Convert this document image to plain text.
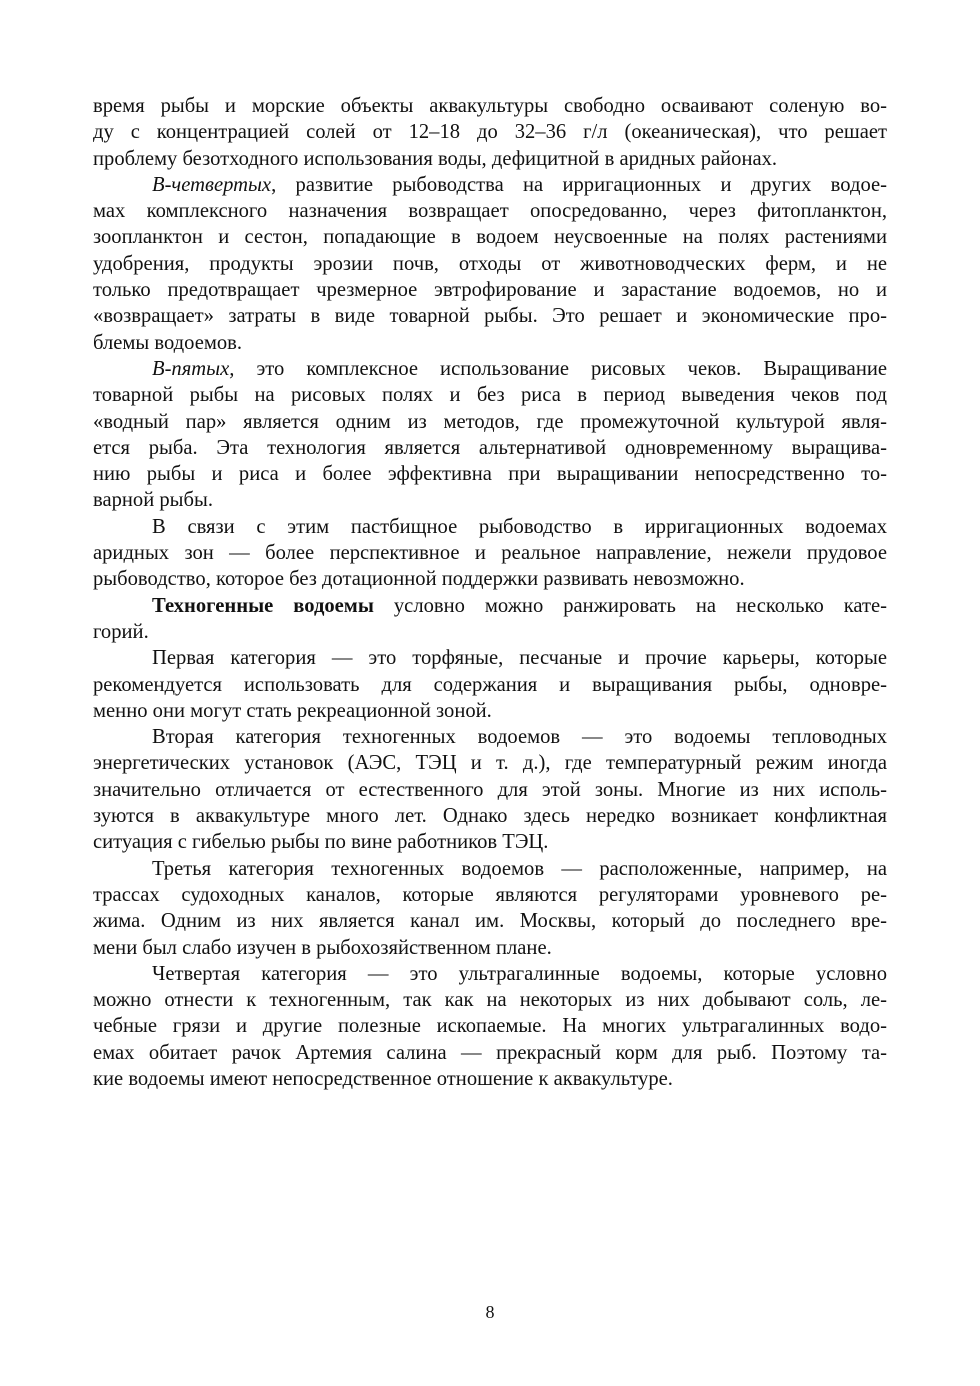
время рыбы и морские объекты аквакультуры свободно осваивают соленую во-
ду с концентрацией солей от 12–18 до 32–36 г/л (океаническая), что решает
проблему безотходного использования воды, дефицитной в аридных районах.
В-четвертых, развитие рыбоводства на ирригационных и других водое-
мах комплексного назначения возвращает опосредованно, через фитопланктон,
зоопланктон и сестон, попадающие в водоем неусвоенные на полях растениями
удобрения, продукты эрозии почв, отходы от животноводческих ферм, и не
только предотвращает чрезмерное эвтрофирование и зарастание водоемов, но и
«возвращает» затраты в виде товарной рыбы. Это решает и экономические про-
блемы водоемов.
В-пятых, это комплексное использование рисовых чеков. Выращивание
товарной рыбы на рисовых полях и без риса в период выведения чеков под
«водный пар» является одним из методов, где промежуточной культурой явля-
ется рыба. Эта технология является альтернативой одновременному выращива-
нию рыбы и риса и более эффективна при выращивании непосредственно то-
варной рыбы.
В связи с этим пастбищное рыбоводство в ирригационных водоемах
аридных зон — более перспективное и реальное направление, нежели прудовое
рыбоводство, которое без дотационной поддержки развивать невозможно.
Техногенные водоемы условно можно ранжировать на несколько кате-
горий.
Первая категория — это торфяные, песчаные и прочие карьеры, которые
рекомендуется использовать для содержания и выращивания рыбы, одновре-
менно они могут стать рекреационной зоной.
Вторая категория техногенных водоемов — это водоемы тепловодных
энергетических установок (АЭС, ТЭЦ и т. д.), где температурный режим иногда
значительно отличается от естественного для этой зоны. Многие из них исполь-
зуются в аквакультуре много лет. Однако здесь нередко возникает конфликтная
ситуация с гибелью рыбы по вине работников ТЭЦ.
Третья категория техногенных водоемов — расположенные, например, на
трассах судоходных каналов, которые являются регуляторами уровневого ре-
жима. Одним из них является канал им. Москвы, который до последнего вре-
мени был слабо изучен в рыбохозяйственном плане.
Четвертая категория — это ультрагалинные водоемы, которые условно
можно отнести к техногенным, так как на некоторых из них добывают соль, ле-
чебные грязи и другие полезные ископаемые. На многих ультрагалинных водо-
емах обитает рачок Артемия салина — прекрасный корм для рыб. Поэтому та-
кие водоемы имеют непосредственное отношение к аквакультуре.
8
